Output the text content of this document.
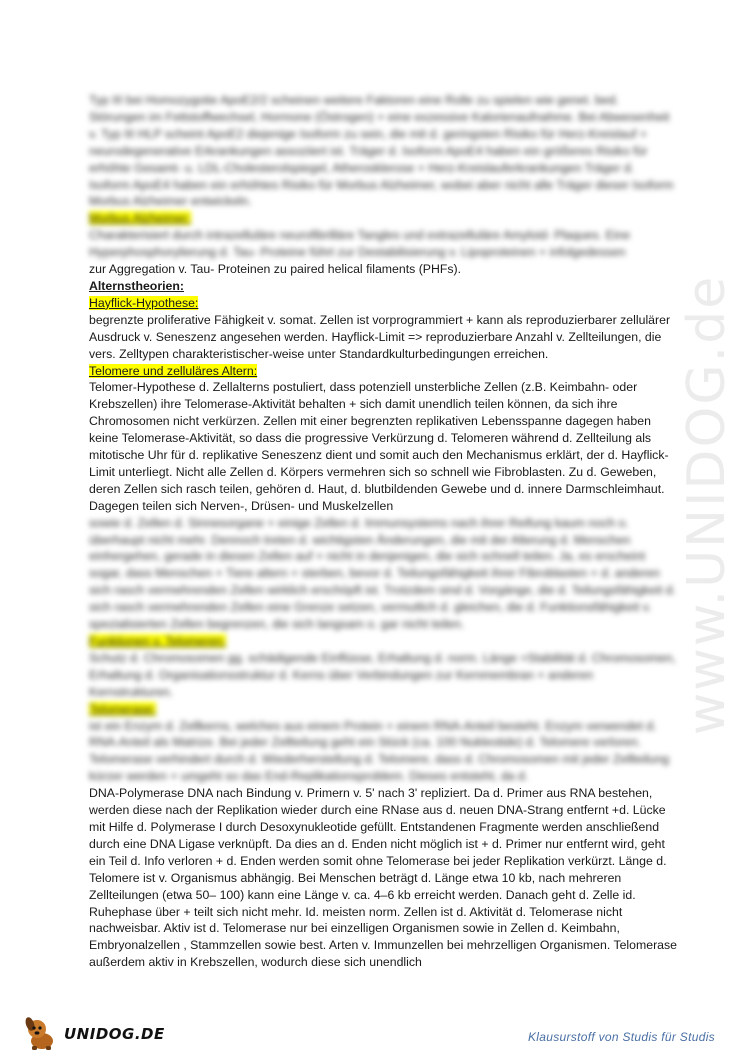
www.UNIDOG.de

Typ III bei Homozygotie ApoE2/2 scheinen weitere Faktoren eine Rolle zu spielen wie genet. bed. Störungen im Fettstoffwechsel, Hormone (Östrogen) + eine exzessive Kalorienaufnahme. Bei Abwesenheit v. Typ III HLP scheint ApoE2 diejenige Isoform zu sein, die mit d. geringsten Risiko für Herz-Kreislauf + neurodegenerative Erkrankungen assoziiert ist. Träger d. Isoform ApoE4 haben ein größeres Risiko für erhöhte Gesamt- u. LDL-Cholesterolspiegel, Atherosklerose + Herz-Kreislauferkrankungen Träger d. Isoform ApoE4 haben ein erhöhtes Risiko für Morbus Alzheimer, wobei aber nicht alle Träger dieser Isoform Morbus Alzheimer entwickeln.

Morbus Alzheimer:

Charakterisiert durch intrazelluläre neurofibrilläre Tangles und extrazelluläre Amyloid- Plaques. Eine Hyperphosphorylierung d. Tau- Proteine führt zur Destabilisierung v. Lipoproteinen + infolgedessen

zur Aggregation v. Tau- Proteinen zu paired helical filaments (PHFs).

Alternstheorien:

Hayflick-Hypothese:

begrenzte proliferative Fähigkeit v. somat. Zellen ist vorprogrammiert + kann als reproduzierbarer zellulärer Ausdruck v. Seneszenz angesehen werden. Hayflick-Limit => reproduzierbare Anzahl v. Zellteilungen, die vers. Zelltypen charakteristischer-weise unter Standardkulturbedingungen erreichen.

Telomere und zelluläres Altern:

Telomer-Hypothese d. Zellalterns postuliert, dass potenziell unsterbliche Zellen (z.B. Keimbahn- oder Krebszellen) ihre Telomerase-Aktivität behalten + sich damit unendlich teilen können, da sich ihre Chromosomen nicht verkürzen. Zellen mit einer begrenzten replikativen Lebensspanne dagegen haben keine Telomerase-Aktivität, so dass die progressive Verkürzung d. Telomeren während d. Zellteilung als mitotische Uhr für d. replikative Seneszenz dient und somit auch den Mechanismus erklärt, der d. Hayflick-Limit unterliegt. Nicht alle Zellen d. Körpers vermehren sich so schnell wie Fibroblasten. Zu d. Geweben, deren Zellen sich rasch teilen, gehören d. Haut, d. blutbildenden Gewebe und d. innere Darmschleimhaut. Dagegen teilen sich Nerven-, Drüsen- und Muskelzellen

sowie d. Zellen d. Sinnesorgane + einige Zellen d. Immunsystems nach ihrer Reifung kaum noch o. überhaupt nicht mehr. Dennoch treten d. wichtigsten Änderungen, die mit der Alterung d. Menschen einhergehen, gerade in diesen Zellen auf + nicht in denjenigen, die sich schnell teilen. Ja, es erscheint sogar, dass Menschen + Tiere altern + sterben, bevor d. Teilungsfähigkeit ihrer Fibroblasten + d. anderen sich rasch vermehrenden Zellen wirklich erschöpft ist. Trotzdem sind d. Vorgänge, die d. Teilungsfähigkeit d. sich rasch vermehrenden Zellen eine Grenze setzen, vermutlich d. gleichen, die d. Funktionsfähigkeit v. spezialisierten Zellen begrenzen, die sich langsam o. gar nicht teilen.

Funktionen v. Telomeren:

Schutz d. Chromosomen gg. schädigende Einflüsse, Erhaltung d. norm. Länge =Stabilität d. Chromosomen, Erhaltung d. Organisationsstruktur d. Kerns über Verbindungen zur Kernmembran + anderen Kernstrukturen.

Telomerase:

ist ein Enzym d. Zellkerns, welches aus einem Protein + einem RNA-Anteil besteht. Enzym verwendet d. RNA-Anteil als Matrize. Bei jeder Zellteilung geht ein Stück (ca. 100 Nukleotide) d. Telomere verloren. Telomerase verhindert durch d. Wiederherstellung d. Telomere, dass d. Chromosomen mit jeder Zellteilung kürzer werden + umgeht so das End-Replikationsproblem. Dieses entsteht, da d.

DNA-Polymerase DNA nach Bindung v. Primern v. 5' nach 3' repliziert. Da d. Primer aus RNA bestehen, werden diese nach der Replikation wieder durch eine RNase aus d. neuen DNA-Strang entfernt +d. Lücke mit Hilfe d. Polymerase I durch Desoxynukleotide gefüllt. Entstandenen Fragmente werden anschließend durch eine DNA Ligase verknüpft. Da dies an d. Enden nicht möglich ist + d. Primer nur entfernt wird, geht ein Teil d. Info verloren + d. Enden werden somit ohne Telomerase bei jeder Replikation verkürzt. Länge d. Telomere ist v. Organismus abhängig. Bei Menschen beträgt d. Länge etwa 10 kb, nach mehreren Zellteilungen (etwa 50– 100) kann eine Länge v. ca. 4–6 kb erreicht werden. Danach geht d. Zelle id. Ruhephase über + teilt sich nicht mehr. Id. meisten norm. Zellen ist d. Aktivität d. Telomerase nicht nachweisbar. Aktiv ist d. Telomerase nur bei einzelligen Organismen sowie in Zellen d. Keimbahn, Embryonalzellen , Stammzellen sowie best. Arten v. Immunzellen bei mehrzelligen Organismen. Telomerase außerdem aktiv in Krebszellen, wodurch diese sich unendlich

UNIDOG.DE	Klausurstoff von Studis für Studis
